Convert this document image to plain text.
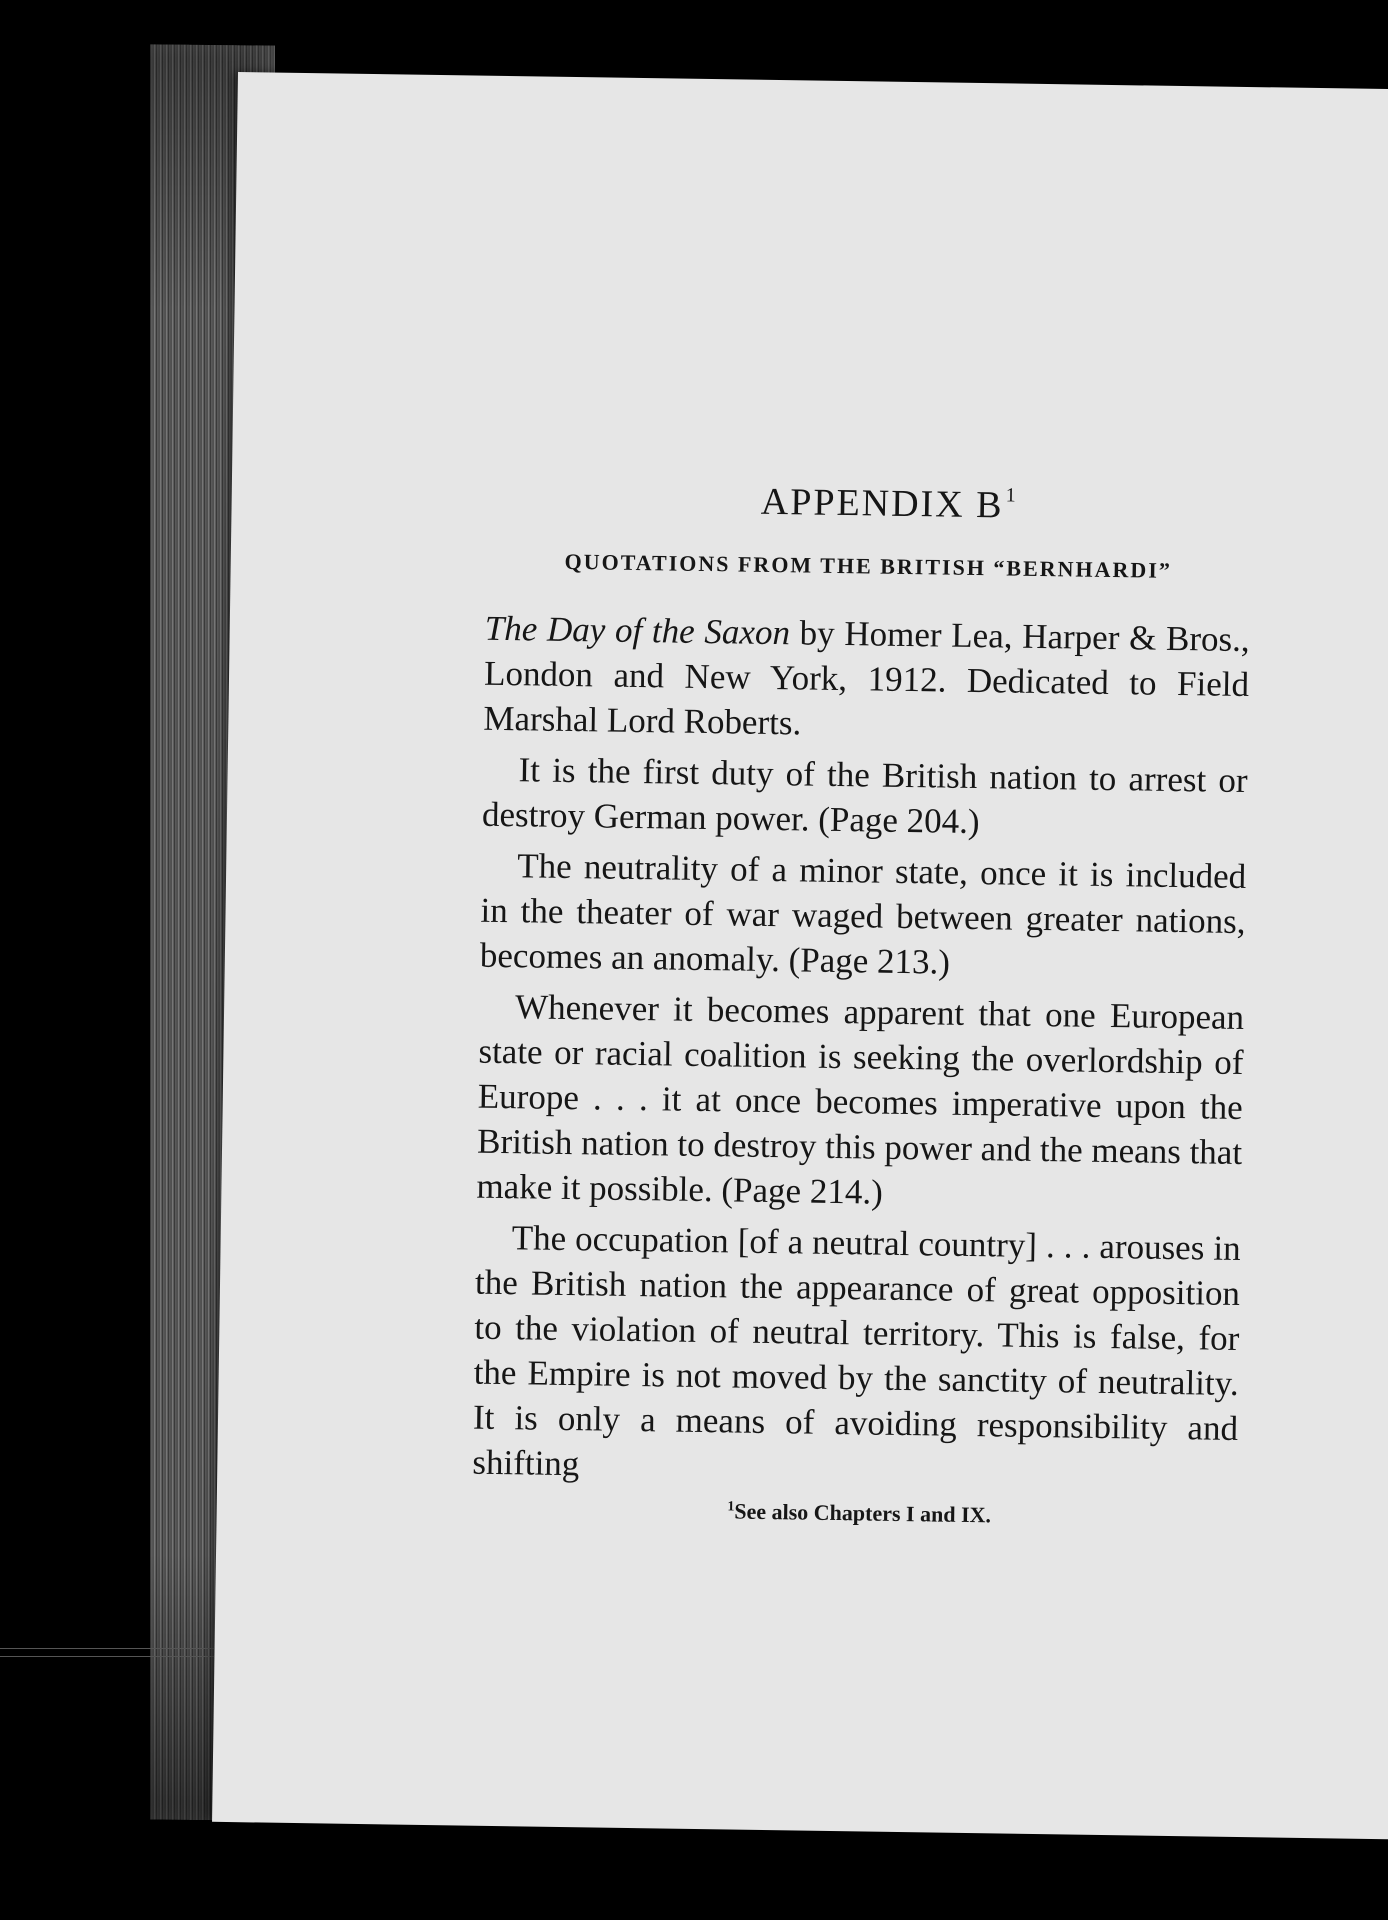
APPENDIX $B^1$
QUOTATIONS FROM THE BRITISH “BERNHARDI”

The Day of the Saxon by Homer Lea, Harper & Bros., London and New York, 1912. Dedicated to Field Marshal Lord Roberts.

It is the first duty of the British nation to arrest or destroy German power. (Page 204.)

The neutrality of a minor state, once it is included in the theater of war waged between greater nations, becomes an anomaly. (Page 213.)

Whenever it becomes apparent that one European state or racial coalition is seeking the overlordship of Europe . . . it at once becomes imperative upon the British nation to destroy this power and the means that make it possible. (Page 214.)

The occupation [of a neutral country] . . . arouses in the British nation the appearance of great opposition to the violation of neutral territory. This is false, for the Empire is not moved by the sanctity of neutrality. It is only a means of avoiding responsibility and shifting

$^1$See also Chapters I and IX.
